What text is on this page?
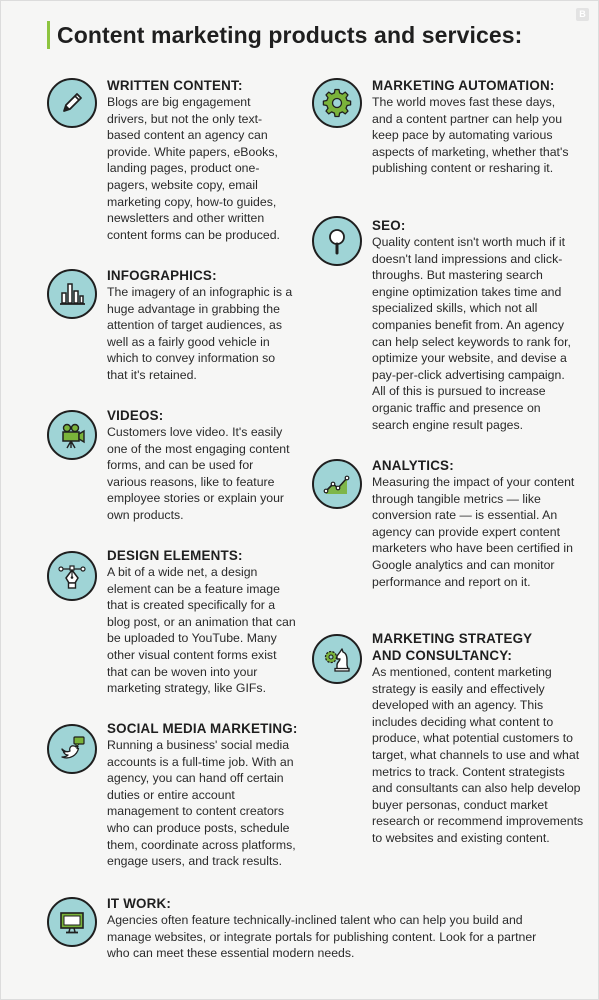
B
Content marketing products and services:
WRITTEN CONTENT:

Blogs are big engagement drivers, but not the only text-based content an agency can provide. White papers, eBooks, landing pages, product one-pagers, website copy, email marketing copy, how-to guides, newsletters and other written content forms can be produced.

INFOGRAPHICS:

The imagery of an infographic is a huge advantage in grabbing the attention of target audiences, as well as a fairly good vehicle in which to convey information so that it's retained.

VIDEOS:

Customers love video. It's easily one of the most engaging content forms, and can be used for various reasons, like to feature employee stories or explain your own products.

DESIGN ELEMENTS:

A bit of a wide net, a design element can be a feature image that is created specifically for a blog post, or an animation that can be uploaded to YouTube. Many other visual content forms exist that can be woven into your marketing strategy, like GIFs.

SOCIAL MEDIA MARKETING:

Running a business' social media accounts is a full-time job. With an agency, you can hand off certain duties or entire account management to content creators who can produce posts, schedule them, coordinate across platforms, engage users, and track results.

MARKETING AUTOMATION:

The world moves fast these days, and a content partner can help you keep pace by automating various aspects of marketing, whether that's publishing content or resharing it.

SEO:

Quality content isn't worth much if it doesn't land impressions and click-throughs. But mastering search engine optimization takes time and specialized skills, which not all companies benefit from. An agency can help select keywords to rank for, optimize your website, and devise a pay-per-click advertising campaign. All of this is pursued to increase organic traffic and presence on search engine result pages.

ANALYTICS:

Measuring the impact of your content through tangible metrics — like conversion rate — is essential. An agency can provide expert content marketers who have been certified in Google analytics and can monitor performance and report on it.

MARKETING STRATEGY AND CONSULTANCY:

As mentioned, content marketing strategy is easily and effectively developed with an agency. This includes deciding what content to produce, what potential customers to target, what channels to use and what metrics to track. Content strategists and consultants can also help develop buyer personas, conduct market research or recommend improvements to websites and existing content.

IT WORK:

Agencies often feature technically-inclined talent who can help you build and manage websites, or integrate portals for publishing content. Look for a partner who can meet these essential modern needs.
